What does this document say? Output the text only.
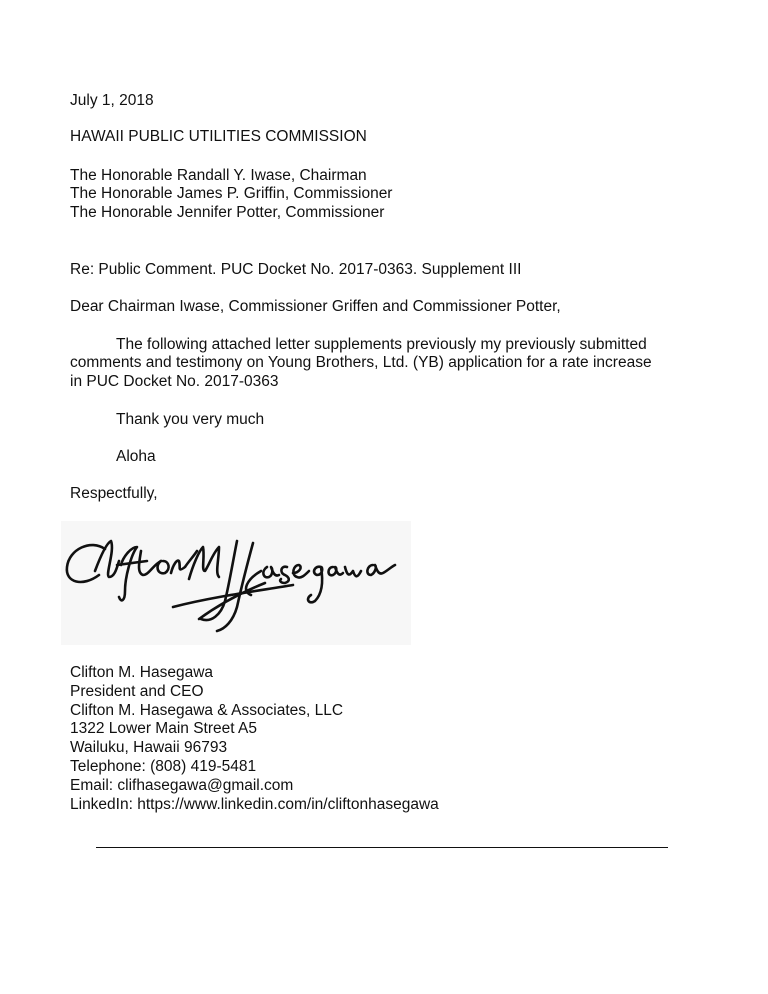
July 1, 2018
HAWAII PUBLIC UTILITIES COMMISSION
The Honorable Randall Y. Iwase, Chairman
The Honorable James P. Griffin, Commissioner
The Honorable Jennifer Potter, Commissioner
Re: Public Comment. PUC Docket No. 2017-0363. Supplement III
Dear Chairman Iwase, Commissioner Griffen and Commissioner Potter,
The following attached letter supplements previously my previously submitted
comments and testimony on Young Brothers, Ltd. (YB) application for a rate increase
in PUC Docket No. 2017-0363
Thank you very much
Aloha
Respectfully,
Clifton M. Hasegawa
President and CEO
Clifton M. Hasegawa & Associates, LLC
1322 Lower Main Street A5
Wailuku, Hawaii 96793
Telephone: (808) 419-5481
Email: clifhasegawa@gmail.com
LinkedIn: https://www.linkedin.com/in/cliftonhasegawa
